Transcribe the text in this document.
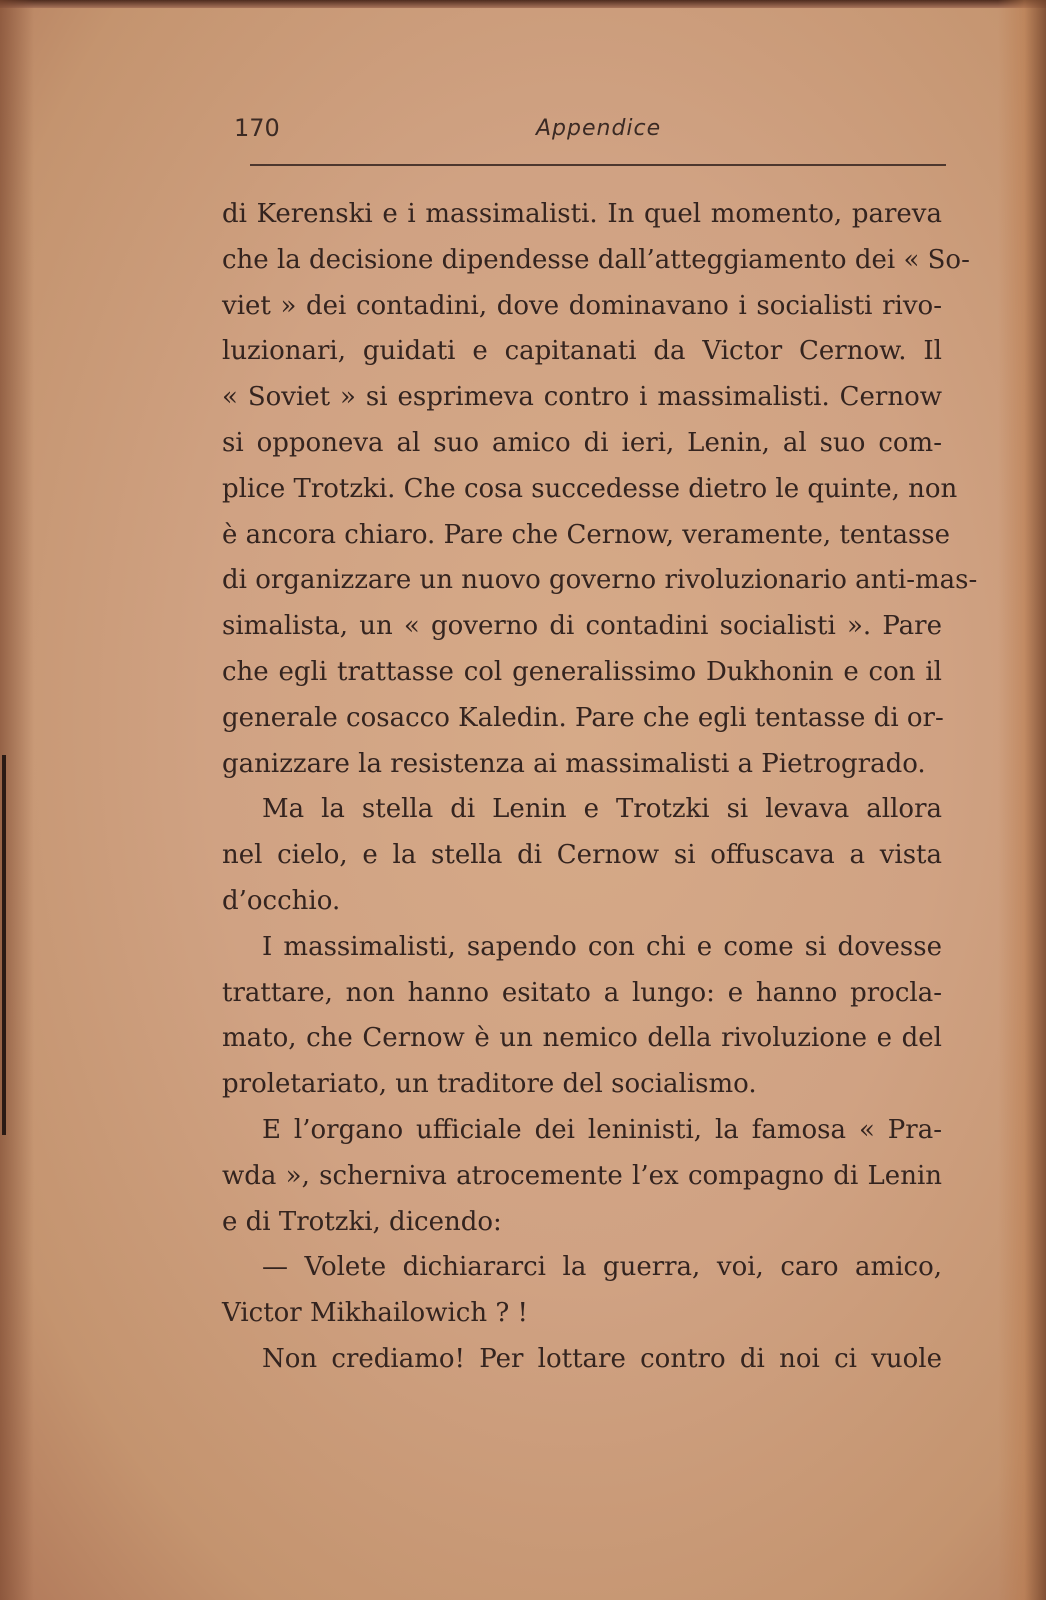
170	Appendice
di Kerenski e i massimalisti. In quel momento, pareva
che la decisione dipendesse dall’atteggiamento dei « So-
viet » dei contadini, dove dominavano i socialisti rivo-
luzionari, guidati e capitanati da Victor Cernow. Il
« Soviet » si esprimeva contro i massimalisti. Cernow
si opponeva al suo amico di ieri, Lenin, al suo com-
plice Trotzki. Che cosa succedesse dietro le quinte, non
è ancora chiaro. Pare che Cernow, veramente, tentasse
di organizzare un nuovo governo rivoluzionario anti-mas-
simalista, un « governo di contadini socialisti ». Pare
che egli trattasse col generalissimo Dukhonin e con il
generale cosacco Kaledin. Pare che egli tentasse di or-
ganizzare la resistenza ai massimalisti a Pietrogrado.
Ma la stella di Lenin e Trotzki si levava allora
nel cielo, e la stella di Cernow si offuscava a vista
d’occhio.
I massimalisti, sapendo con chi e come si dovesse
trattare, non hanno esitato a lungo: e hanno procla-
mato, che Cernow è un nemico della rivoluzione e del
proletariato, un traditore del socialismo.
E l’organo ufficiale dei leninisti, la famosa « Pra-
wda », scherniva atrocemente l’ex compagno di Lenin
e di Trotzki, dicendo:
— Volete dichiararci la guerra, voi, caro amico,
Victor Mikhailowich ? !
Non crediamo! Per lottare contro di noi ci vuole
